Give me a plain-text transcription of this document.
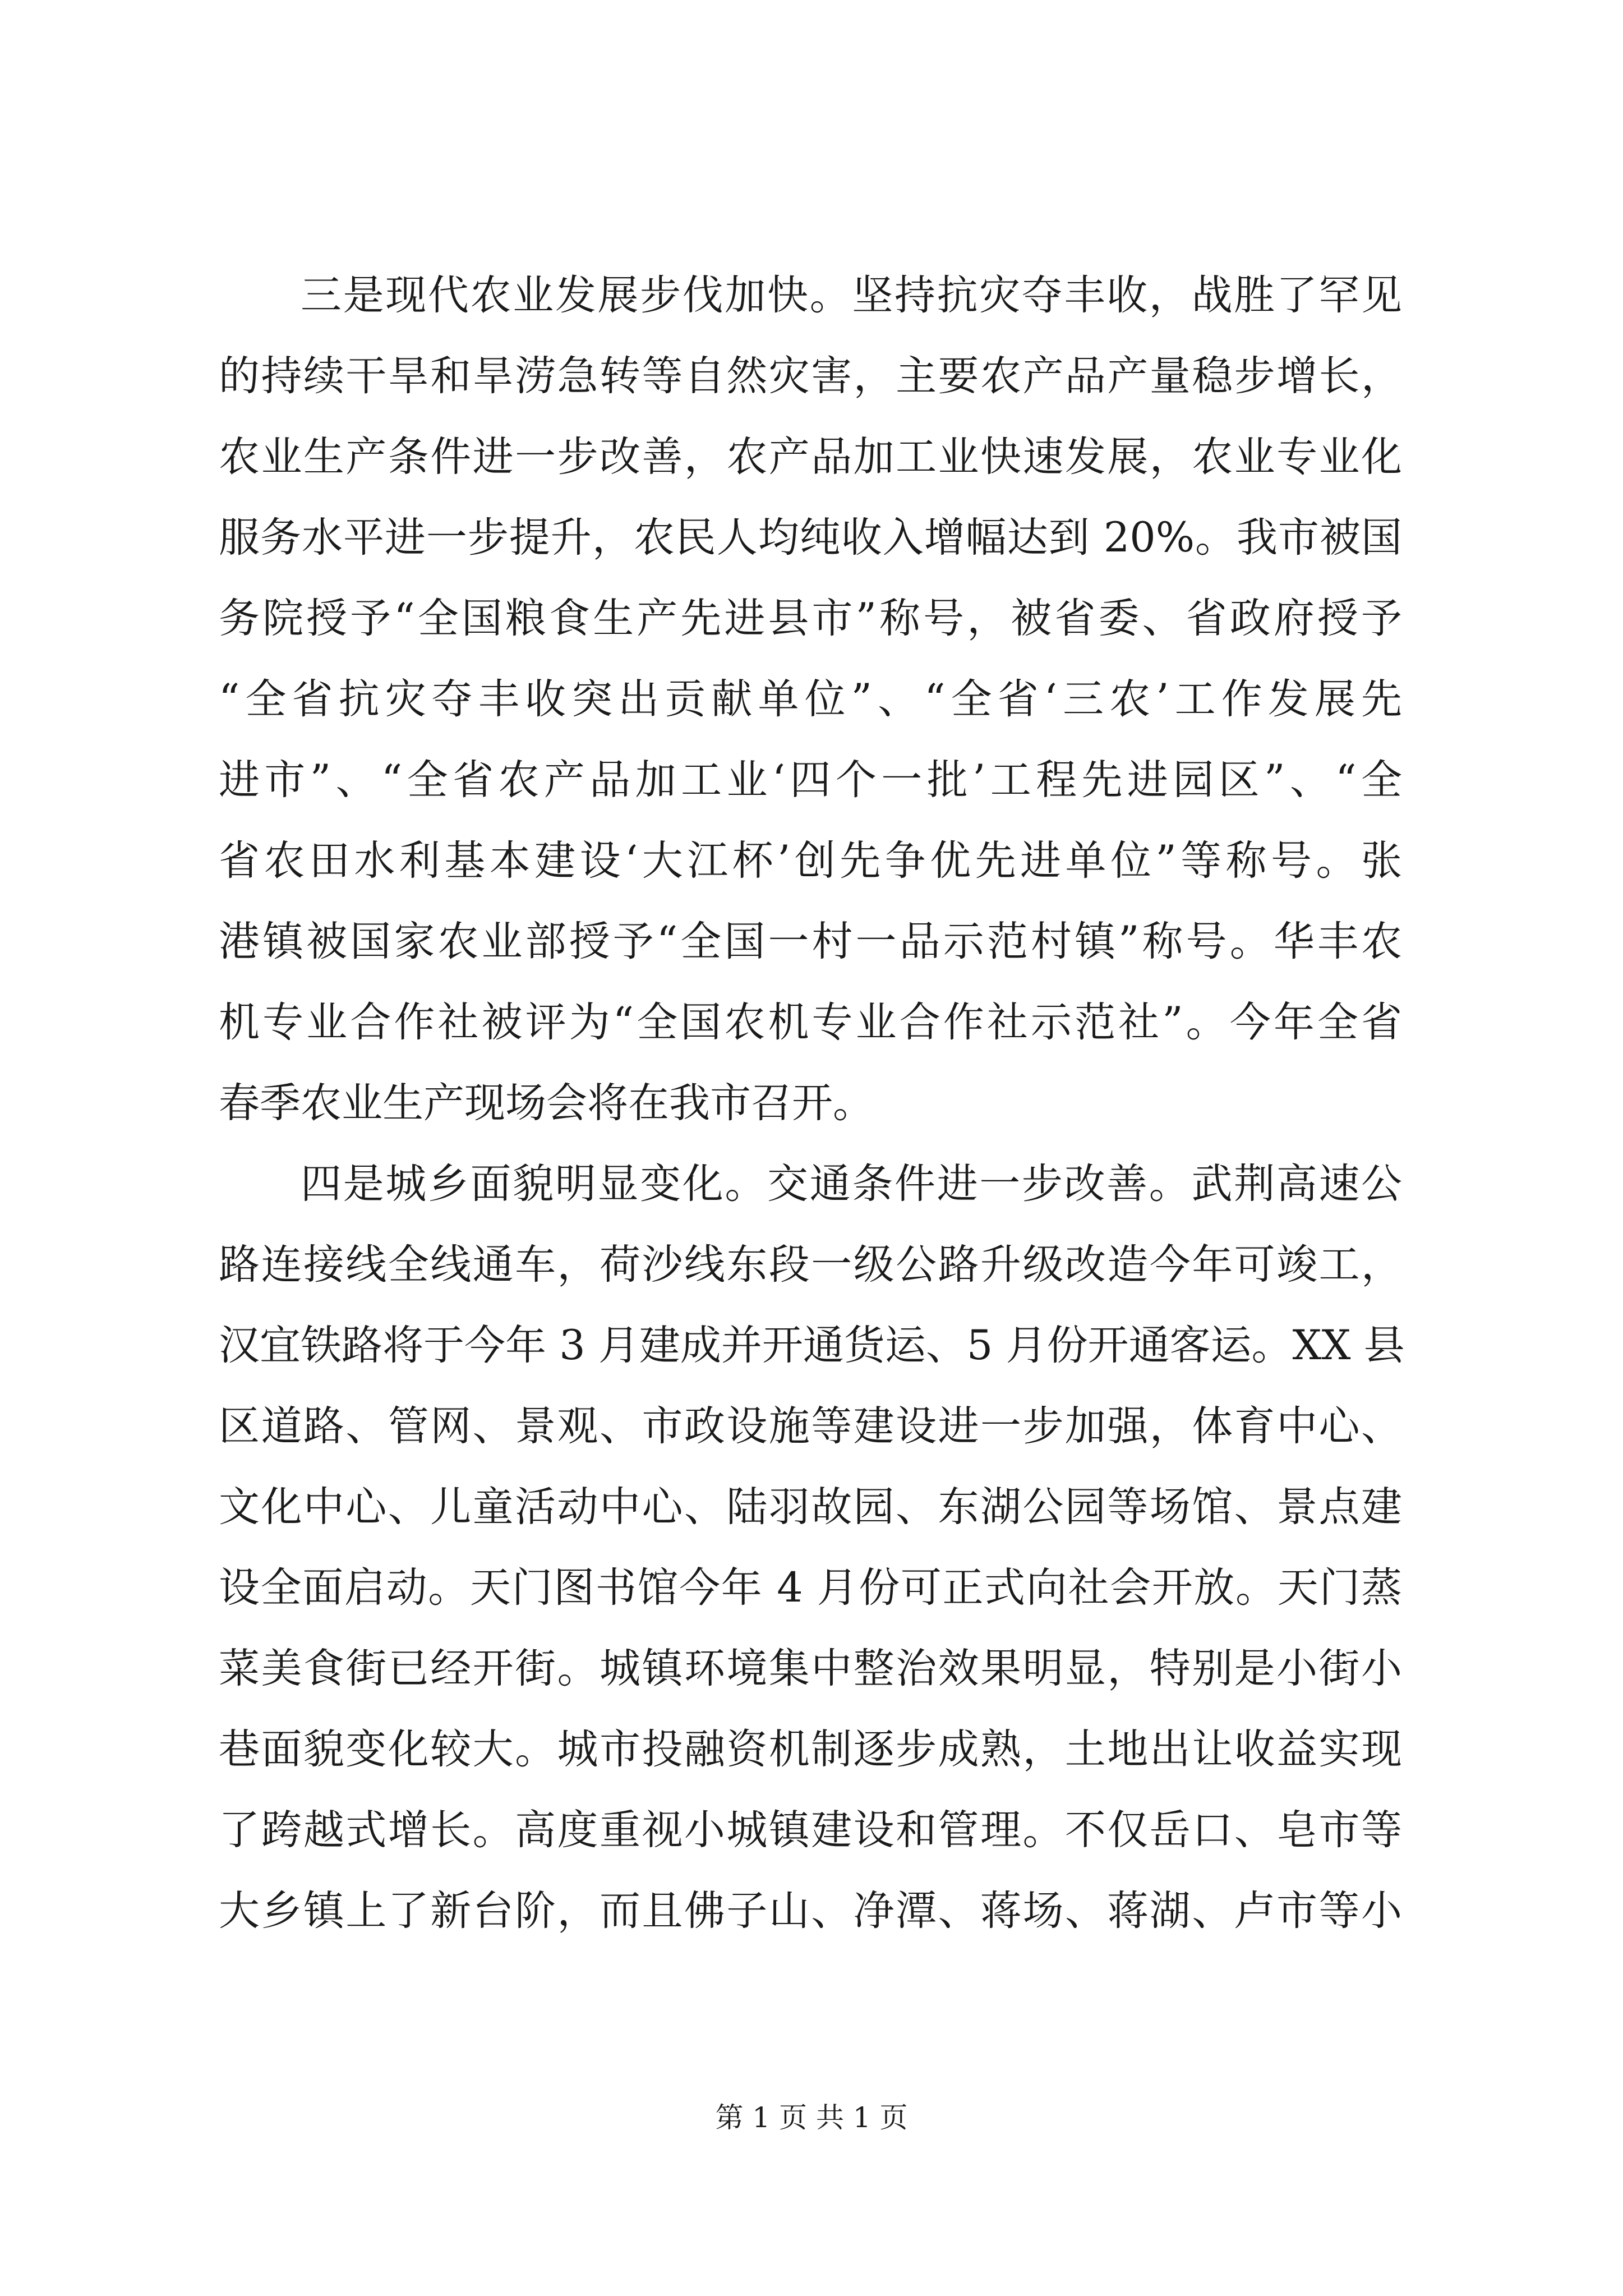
三是现代农业发展步伐加快。坚持抗灾夺丰收，战胜了罕见
的持续干旱和旱涝急转等自然灾害，主要农产品产量稳步增长，
农业生产条件进一步改善，农产品加工业快速发展，农业专业化
服务水平进一步提升，农民人均纯收入增幅达到 20%。我市被国
务院授予“全国粮食生产先进县市”称号，被省委、省政府授予
“全省抗灾夺丰收突出贡献单位”、“全省‘三农’工作发展先
进市”、“全省农产品加工业‘四个一批’工程先进园区”、“全
省农田水利基本建设‘大江杯’创先争优先进单位”等称号。张
港镇被国家农业部授予“全国一村一品示范村镇”称号。华丰农
机专业合作社被评为“全国农机专业合作社示范社”。今年全省
春季农业生产现场会将在我市召开。
四是城乡面貌明显变化。交通条件进一步改善。武荆高速公
路连接线全线通车，荷沙线东段一级公路升级改造今年可竣工，
汉宜铁路将于今年 3 月建成并开通货运、5 月份开通客运。XX 县
区道路、管网、景观、市政设施等建设进一步加强，体育中心、
文化中心、儿童活动中心、陆羽故园、东湖公园等场馆、景点建
设全面启动。天门图书馆今年 4 月份可正式向社会开放。天门蒸
菜美食街已经开街。城镇环境集中整治效果明显，特别是小街小
巷面貌变化较大。城市投融资机制逐步成熟，土地出让收益实现
了跨越式增长。高度重视小城镇建设和管理。不仅岳口、皂市等
大乡镇上了新台阶，而且佛子山、净潭、蒋场、蒋湖、卢市等小
第 1 页 共 1 页
